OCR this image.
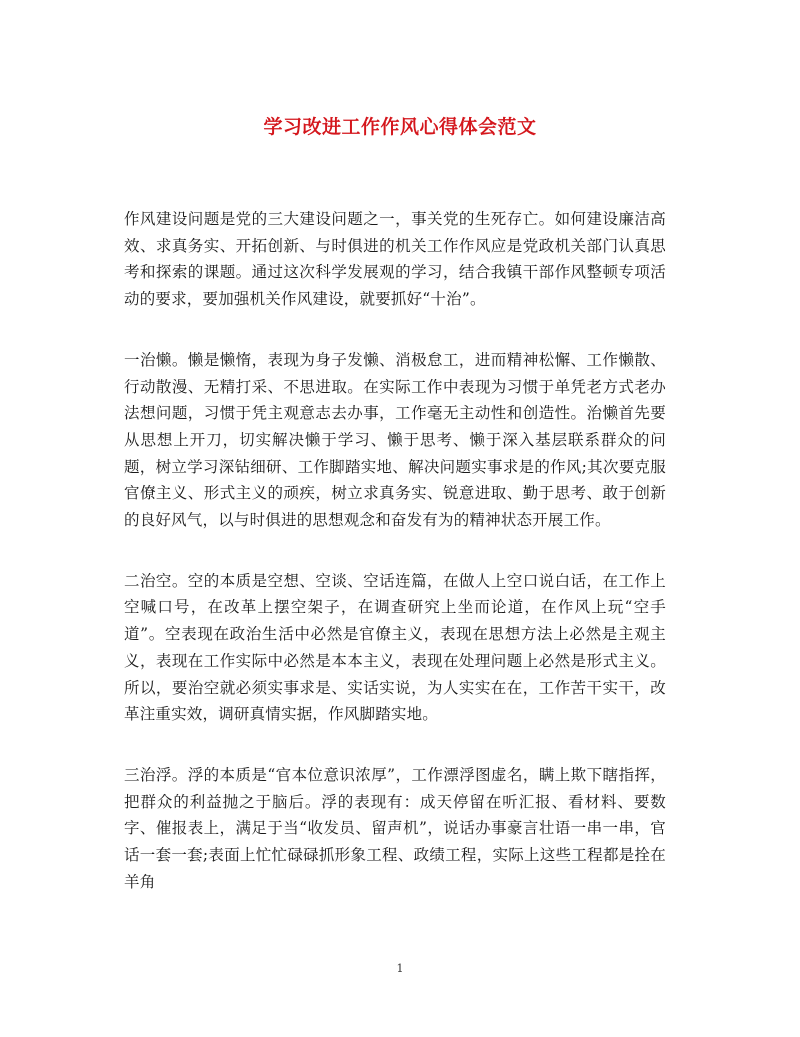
学习改进工作作风心得体会范文

作风建设问题是党的三大建设问题之一，事关党的生死存亡。如何建设廉洁高效、求真务实、开拓创新、与时俱进的机关工作作风应是党政机关部门认真思考和探索的课题。通过这次科学发展观的学习，结合我镇干部作风整顿专项活动的要求，要加强机关作风建设，就要抓好“十治”。

一治懒。懒是懒惰，表现为身子发懒、消极怠工，进而精神松懈、工作懒散、行动散漫、无精打采、不思进取。在实际工作中表现为习惯于单凭老方式老办法想问题，习惯于凭主观意志去办事，工作毫无主动性和创造性。治懒首先要从思想上开刀，切实解决懒于学习、懒于思考、懒于深入基层联系群众的问题，树立学习深钻细研、工作脚踏实地、解决问题实事求是的作风;其次要克服官僚主义、形式主义的顽疾，树立求真务实、锐意进取、勤于思考、敢于创新的良好风气，以与时俱进的思想观念和奋发有为的精神状态开展工作。

二治空。空的本质是空想、空谈、空话连篇，在做人上空口说白话，在工作上空喊口号，在改革上摆空架子，在调查研究上坐而论道，在作风上玩“空手道”。空表现在政治生活中必然是官僚主义，表现在思想方法上必然是主观主义，表现在工作实际中必然是本本主义，表现在处理问题上必然是形式主义。所以，要治空就必须实事求是、实话实说，为人实实在在，工作苦干实干，改革注重实效，调研真情实据，作风脚踏实地。

三治浮。浮的本质是“官本位意识浓厚”，工作漂浮图虚名，瞒上欺下瞎指挥，把群众的利益抛之于脑后。浮的表现有：成天停留在听汇报、看材料、要数字、催报表上，满足于当“收发员、留声机”，说话办事豪言壮语一串一串，官话一套一套;表面上忙忙碌碌抓形象工程、政绩工程，实际上这些工程都是拴在羊角

1
